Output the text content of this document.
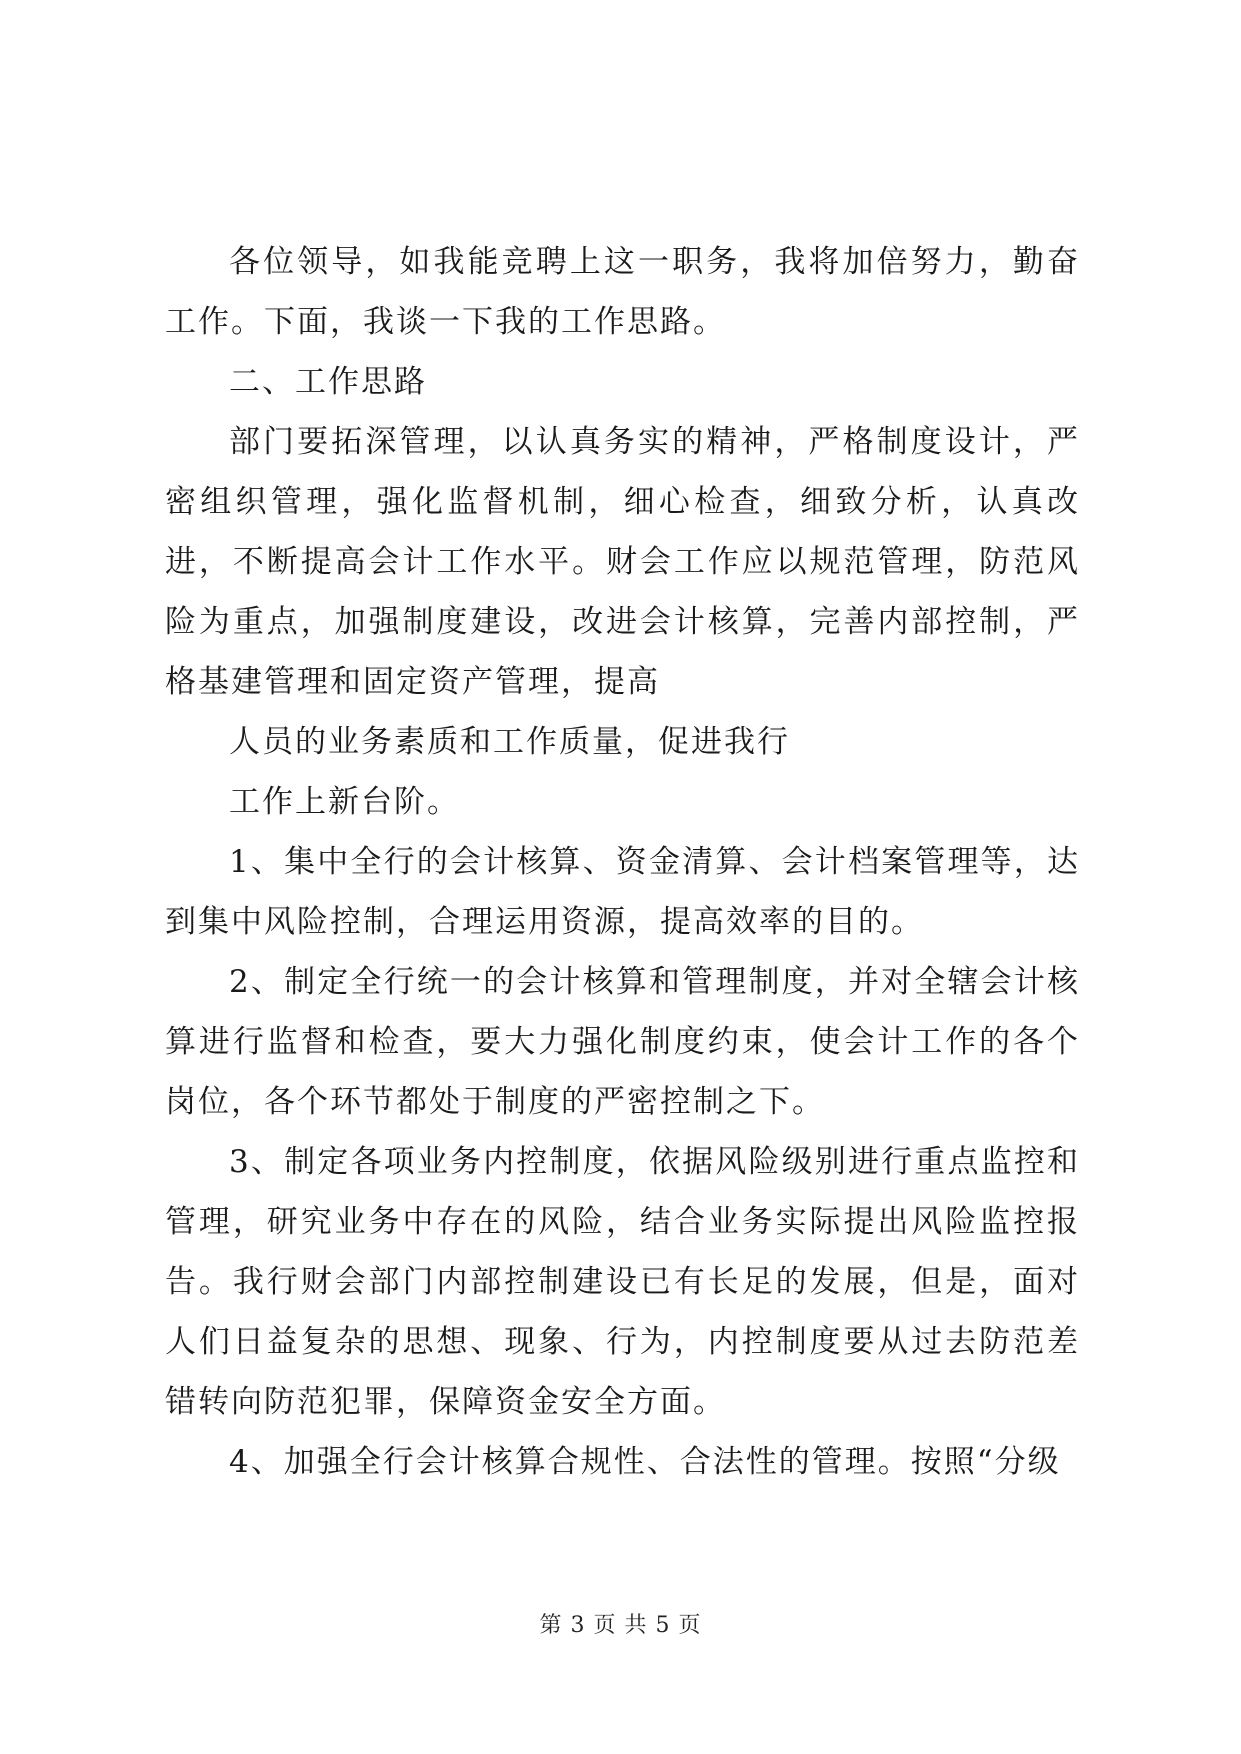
各位领导，如我能竞聘上这一职务，我将加倍努力，勤奋工作。下面，我谈一下我的工作思路。

二、工作思路

部门要拓深管理，以认真务实的精神，严格制度设计，严密组织管理，强化监督机制，细心检查，细致分析，认真改进，不断提高会计工作水平。财会工作应以规范管理，防范风险为重点，加强制度建设，改进会计核算，完善内部控制，严格基建管理和固定资产管理，提高

人员的业务素质和工作质量，促进我行

工作上新台阶。

1、集中全行的会计核算、资金清算、会计档案管理等，达到集中风险控制，合理运用资源，提高效率的目的。

2、制定全行统一的会计核算和管理制度，并对全辖会计核算进行监督和检查，要大力强化制度约束，使会计工作的各个岗位，各个环节都处于制度的严密控制之下。

3、制定各项业务内控制度，依据风险级别进行重点监控和管理，研究业务中存在的风险，结合业务实际提出风险监控报告。我行财会部门内部控制建设已有长足的发展，但是，面对人们日益复杂的思想、现象、行为，内控制度要从过去防范差错转向防范犯罪，保障资金安全方面。

4、加强全行会计核算合规性、合法性的管理。按照“分级

第 3 页 共 5 页
